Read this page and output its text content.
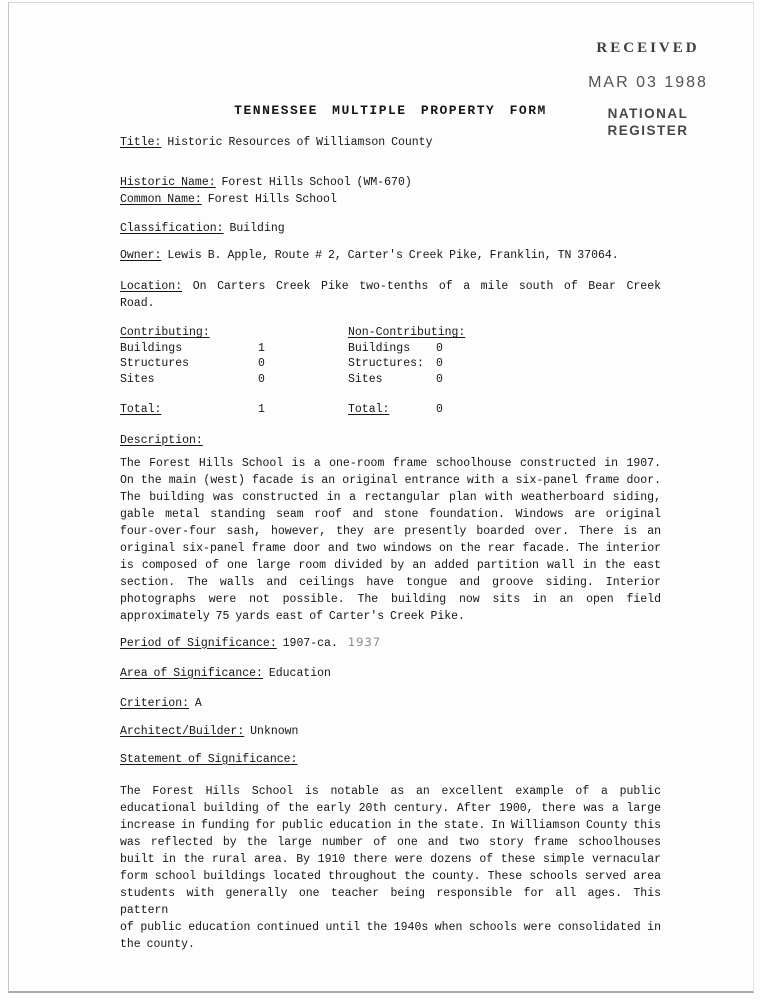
RECEIVED
MAR 03 1988
NATIONAL
REGISTER
TENNESSEE MULTIPLE PROPERTY FORM

Title: Historic Resources of Williamson County

Historic Name: Forest Hills School (WM-670)

Common Name: Forest Hills School

Classification: Building

Owner: Lewis B. Apple, Route # 2, Carter's Creek Pike, Franklin, TN 37064.

Location: On Carters Creek Pike two-tenths of a mile south of Bear Creek
Road.
Contributing:
Buildings	1
Structures	0
Sites	0
Total:	1
Non-Contributing:
Buildings	0
Structures:	0
Sites	0
Total:	0

Description:

The Forest Hills School is a one-room frame schoolhouse constructed in 1907.
On the main (west) facade is an original entrance with a six-panel frame door.
The building was constructed in a rectangular plan with weatherboard siding,
gable metal standing seam roof and stone foundation. Windows are original
four-over-four sash, however, they are presently boarded over. There is an
original six-panel frame door and two windows on the rear facade. The interior
is composed of one large room divided by an added partition wall in the east
section. The walls and ceilings have tongue and groove siding. Interior
photographs were not possible. The building now sits in an open field
approximately 75 yards east of Carter's Creek Pike.

Period of Significance: 1907-ca. 1937

Area of Significance: Education

Criterion: A

Architect/Builder: Unknown

Statement of Significance:

The Forest Hills School is notable as an excellent example of a public
educational building of the early 20th century. After 1900, there was a large
increase in funding for public education in the state. In Williamson County this
was reflected by the large number of one and two story frame schoolhouses
built in the rural area. By 1910 there were dozens of these simple vernacular
form school buildings located throughout the county. These schools served area
students with generally one teacher being responsible for all ages. This pattern
of public education continued until the 1940s when schools were consolidated in
the county.
